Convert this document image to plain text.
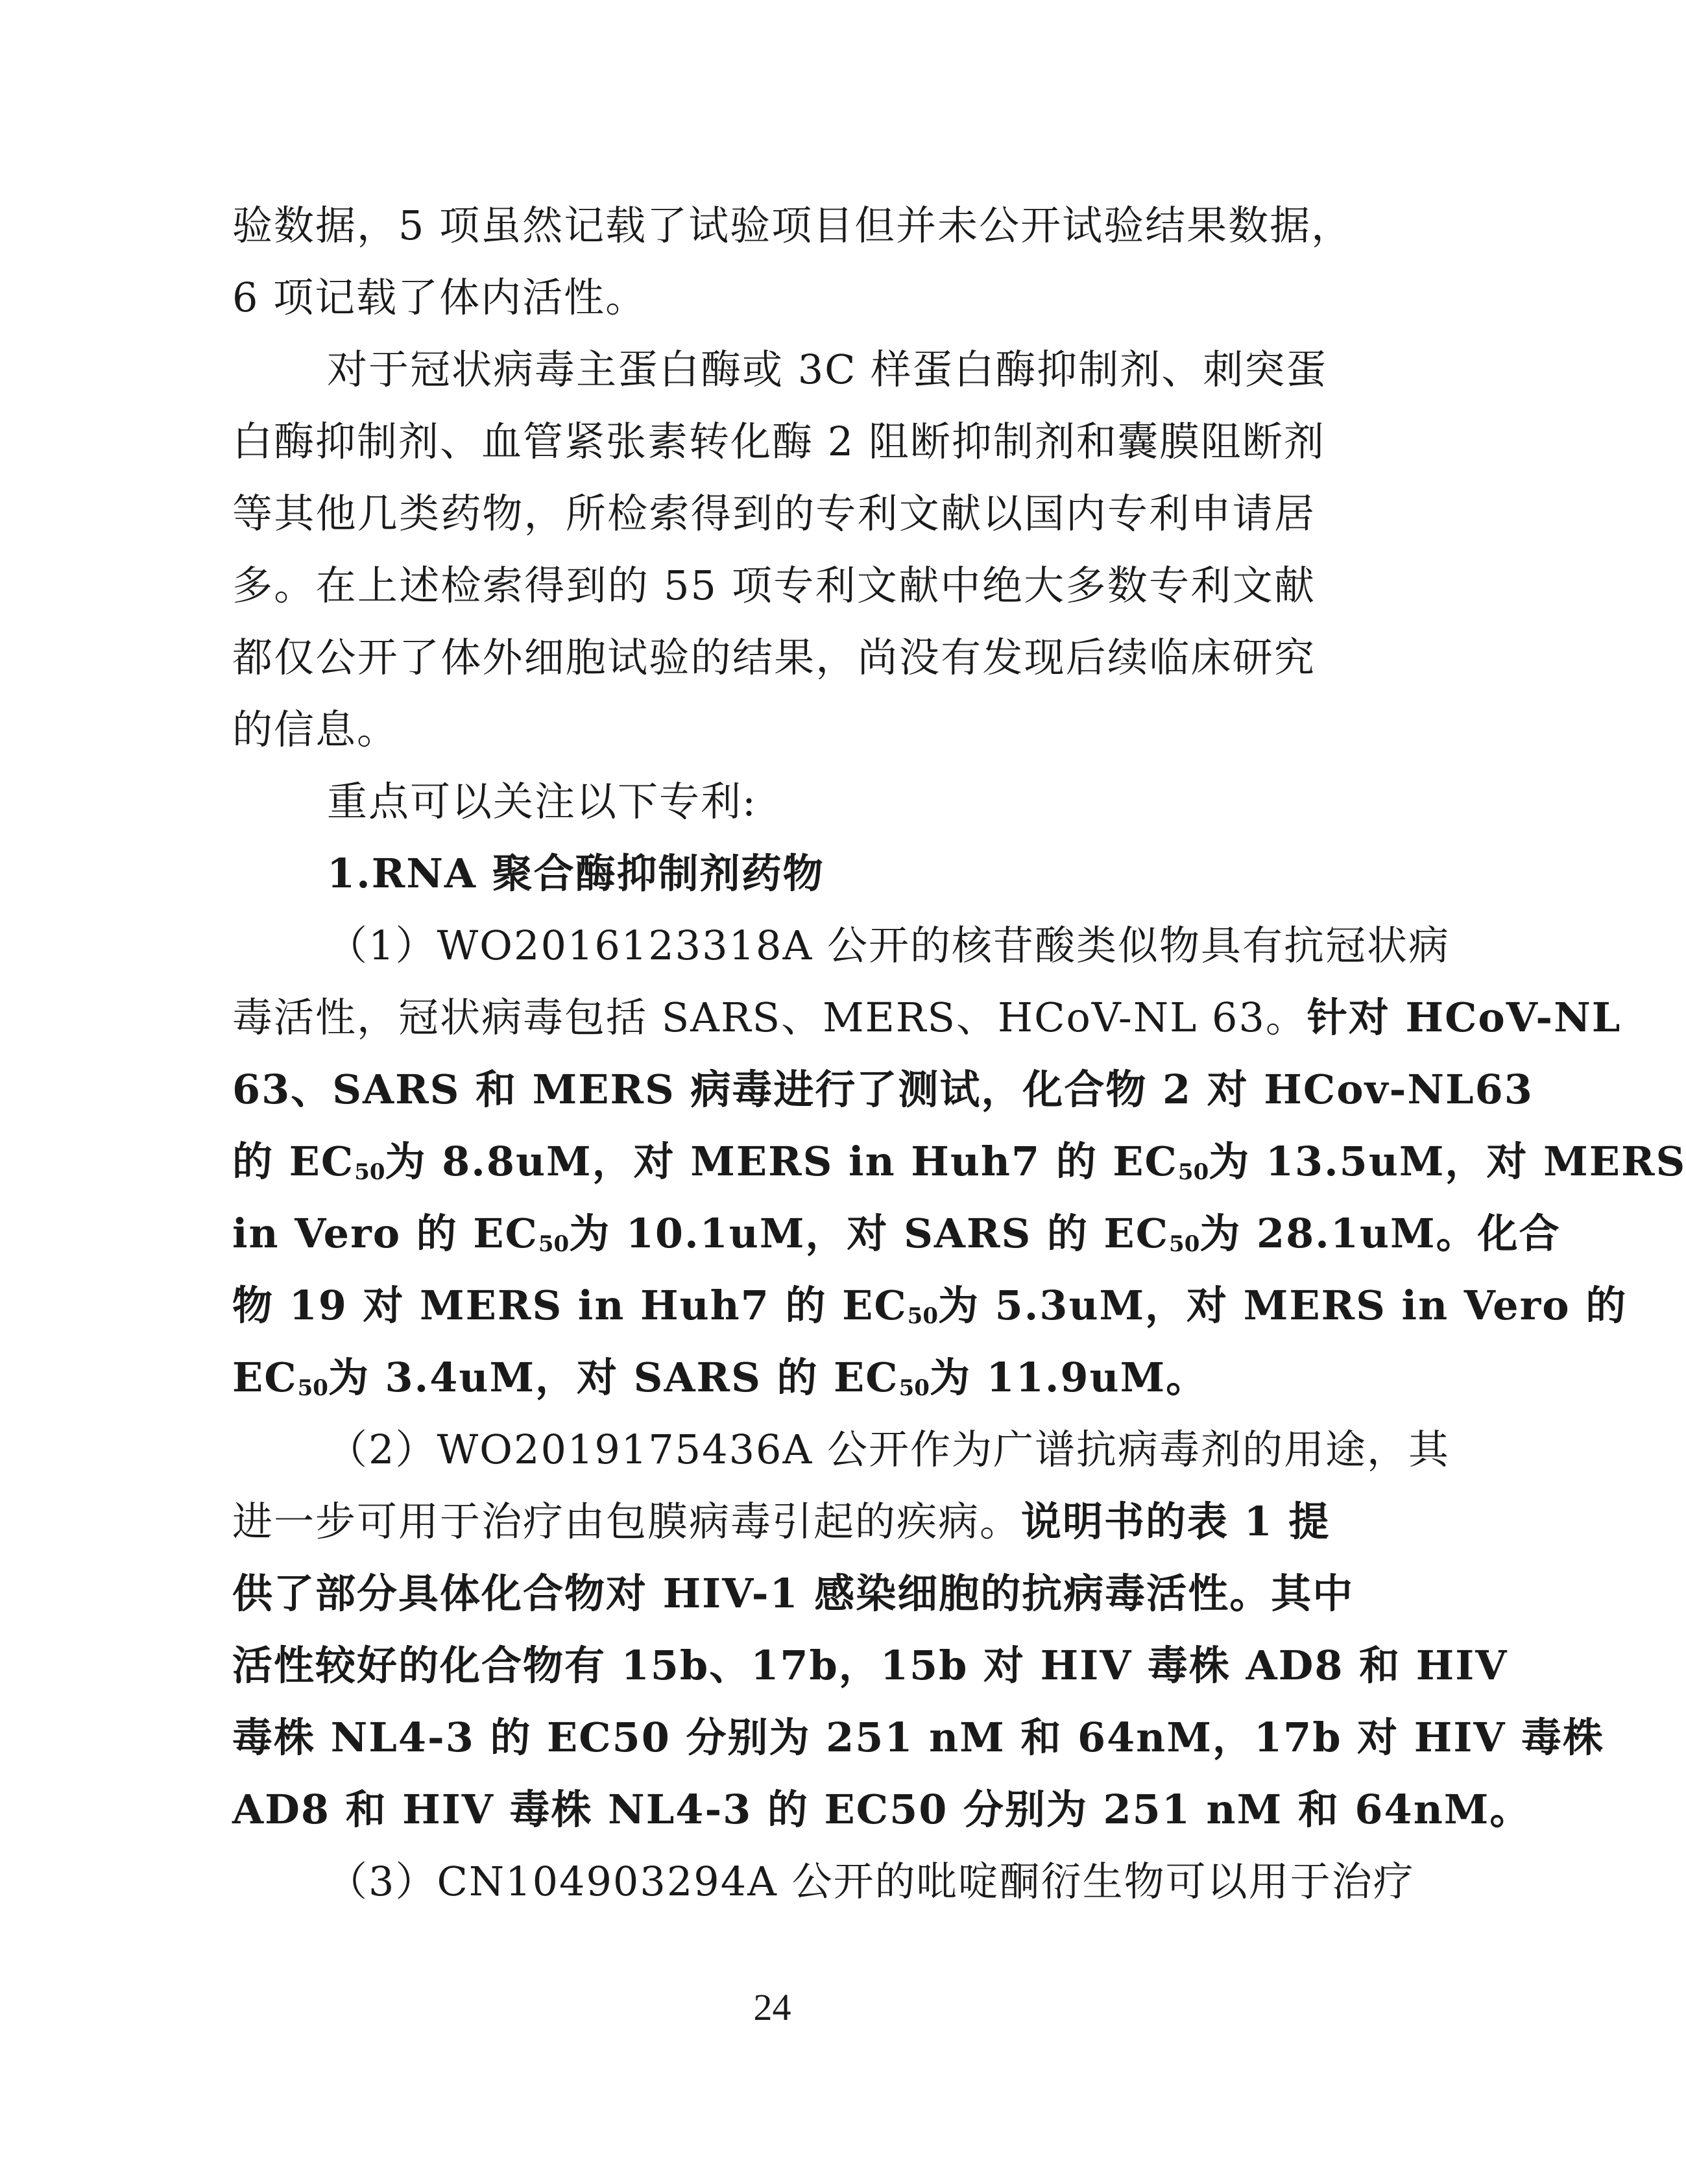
验数据，5 项虽然记载了试验项目但并未公开试验结果数据，
6 项记载了体内活性。
对于冠状病毒主蛋白酶或 3C 样蛋白酶抑制剂、刺突蛋
白酶抑制剂、血管紧张素转化酶 2 阻断抑制剂和囊膜阻断剂
等其他几类药物，所检索得到的专利文献以国内专利申请居
多。在上述检索得到的 55 项专利文献中绝大多数专利文献
都仅公开了体外细胞试验的结果，尚没有发现后续临床研究
的信息。
重点可以关注以下专利:
1.RNA 聚合酶抑制剂药物
（1）WO2016123318A 公开的核苷酸类似物具有抗冠状病
毒活性，冠状病毒包括 SARS、MERS、HCoV-NL 63。针对 HCoV-NL
63、SARS 和 MERS 病毒进行了测试，化合物 2 对 HCov-NL63
的 $EC_{50}$为 8.8uM，对 MERS in Huh7 的 $EC_{50}$为 13.5uM，对 MERS
in Vero 的 $EC_{50}$为 10.1uM，对 SARS 的 $EC_{50}$为 28.1uM。化合
物 19 对 MERS in Huh7 的 $EC_{50}$为 5.3uM，对 MERS in Vero 的
$EC_{50}$为 3.4uM，对 SARS 的 $EC_{50}$为 11.9uM。
（2）WO2019175436A 公开作为广谱抗病毒剂的用途，其
进一步可用于治疗由包膜病毒引起的疾病。说明书的表 1 提
供了部分具体化合物对 HIV-1 感染细胞的抗病毒活性。其中
活性较好的化合物有 15b、17b，15b 对 HIV 毒株 AD8 和 HIV
毒株 NL4-3 的 EC50 分别为 251 nM 和 64nM，17b 对 HIV 毒株
AD8 和 HIV 毒株 NL4-3 的 EC50 分别为 251 nM 和 64nM。
（3）CN104903294A 公开的吡啶酮衍生物可以用于治疗
24
